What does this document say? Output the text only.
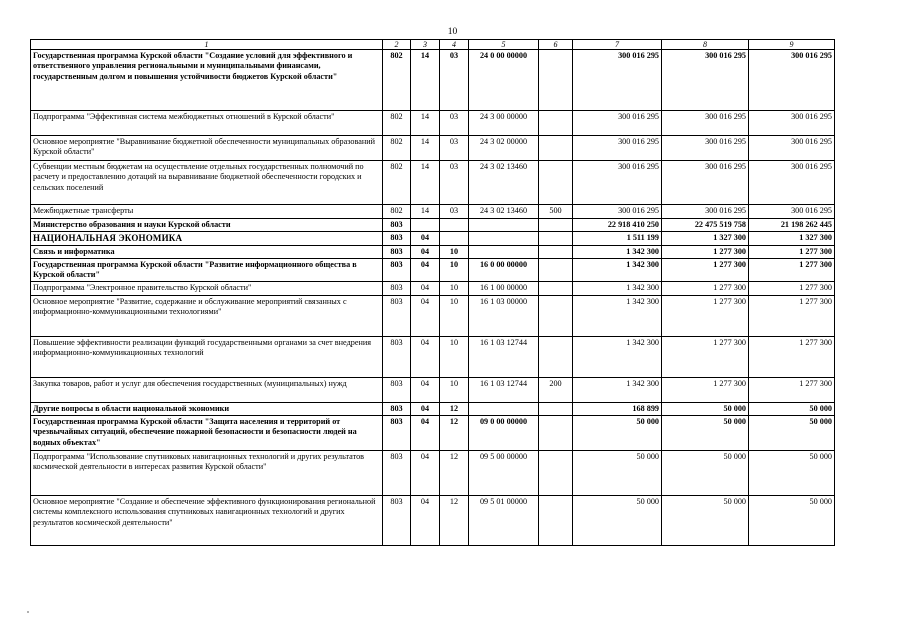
10
1	2	3	4	5	6	7	8	9
Государственная программа Курской области "Создание условий для эффективного и ответственного управления региональными и муниципальными финансами, государственным долгом и повышения устойчивости бюджетов Курской области"	802	14	03	24 0 00 00000		300 016 295	300 016 295	300 016 295
Подпрограмма "Эффективная система межбюджетных отношений в Курской области"	802	14	03	24 3 00 00000		300 016 295	300 016 295	300 016 295
Основное мероприятие "Выравнивание бюджетной обеспеченности муниципальных образований Курской области"	802	14	03	24 3 02 00000		300 016 295	300 016 295	300 016 295
Субвенции местным бюджетам на осуществление отдельных государственных полномочий по расчету и предоставлению дотаций на выравнивание бюджетной обеспеченности городских и сельских поселений	802	14	03	24 3 02 13460		300 016 295	300 016 295	300 016 295
Межбюджетные трансферты	802	14	03	24 3 02 13460	500	300 016 295	300 016 295	300 016 295
Министерство образования и науки Курской области	803					22 918 410 250	22 475 519 758	21 198 262 445
НАЦИОНАЛЬНАЯ ЭКОНОМИКА	803	04				1 511 199	1 327 300	1 327 300
Связь и информатика	803	04	10			1 342 300	1 277 300	1 277 300
Государственная программа Курской области "Развитие информационного общества в Курской области"	803	04	10	16 0 00 00000		1 342 300	1 277 300	1 277 300
Подпрограмма "Электронное правительство Курской области"	803	04	10	16 1 00 00000		1 342 300	1 277 300	1 277 300
Основное мероприятие "Развитие, содержание и обслуживание мероприятий связанных с информационно-коммуникационными технологиями"	803	04	10	16 1 03 00000		1 342 300	1 277 300	1 277 300
Повышение эффективности реализации функций государственными органами за счет внедрения информационно-коммуникационных технологий	803	04	10	16 1 03 12744		1 342 300	1 277 300	1 277 300
Закупка товаров, работ и услуг для обеспечения государственных (муниципальных) нужд	803	04	10	16 1 03 12744	200	1 342 300	1 277 300	1 277 300
Другие вопросы в области национальной экономики	803	04	12			168 899	50 000	50 000
Государственная программа Курской области "Защита населения и территорий от чрезвычайных ситуаций, обеспечение пожарной безопасности и безопасности людей на водных объектах"	803	04	12	09 0 00 00000		50 000	50 000	50 000
Подпрограмма "Использование спутниковых навигационных технологий и других результатов космической деятельности в интересах развития Курской области"	803	04	12	09 5 00 00000		50 000	50 000	50 000
Основное мероприятие "Создание и обеспечение эффективного функционирования региональной системы комплексного использования спутниковых навигационных технологий и других результатов космической деятельности"	803	04	12	09 5 01 00000		50 000	50 000	50 000
